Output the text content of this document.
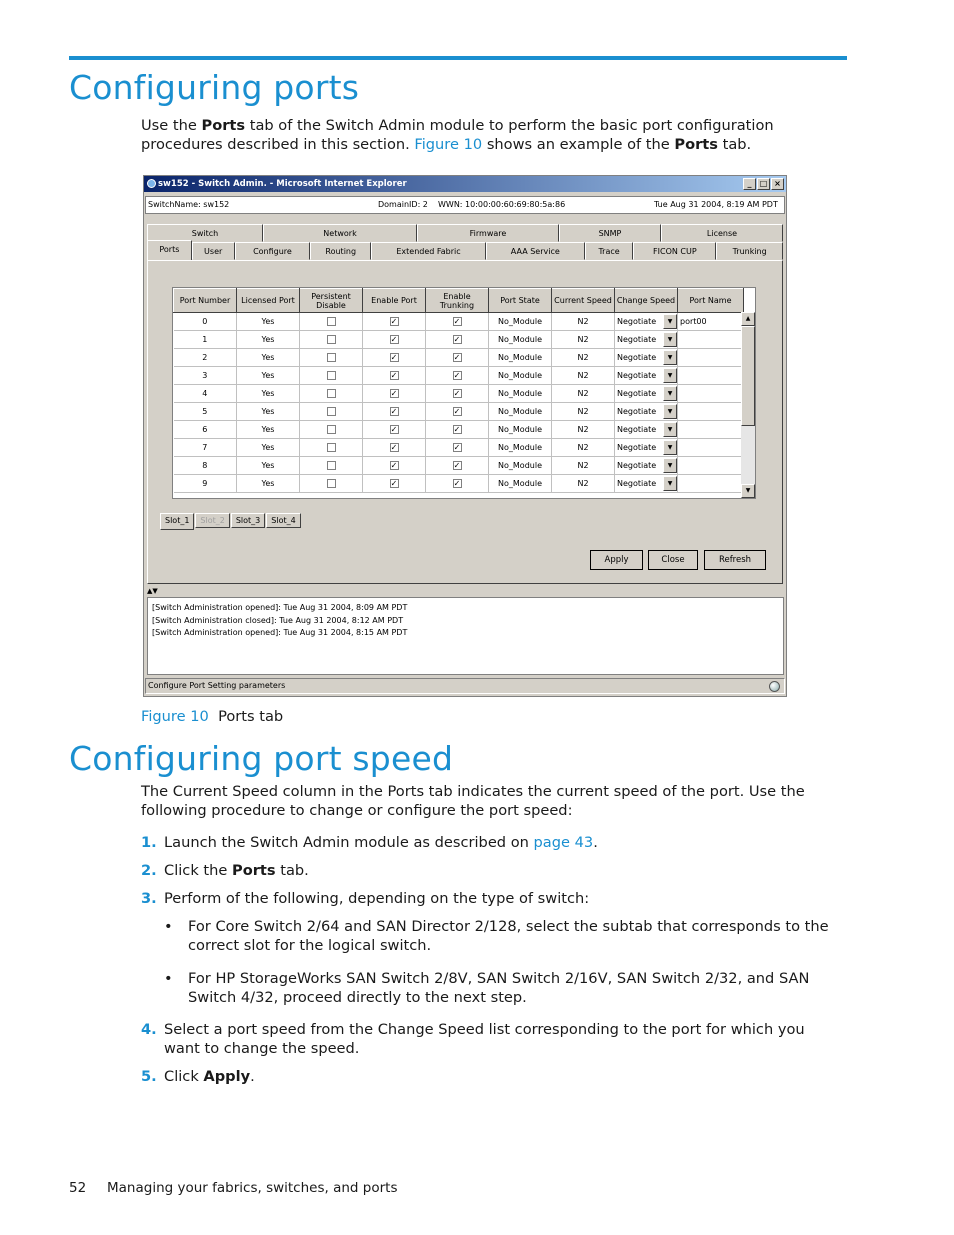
Configuring ports
Use the Ports tab of the Switch Admin module to perform the basic port configuration procedures described in this section. Figure 10 shows an example of the Ports tab.
sw152 - Switch Admin. - Microsoft Internet Explorer	_	□ ×
SwitchName: sw152	DomainID: 2 WWN: 10:00:00:60:69:80:5a:86	Tue Aug 31 2004, 8:19 AM PDT
Switch	Network	Firmware	SNMP	License
Ports	User	Configure	Routing	Extended Fabric	AAA Service	Trace	FICON CUP	Trunking
Port Number	Licensed Port	Persistent Disable	Enable Port	Enable Trunking	Port State	Current Speed	Change Speed	Port Name
0	Yes		✓	✓	No_Module	N2	Negotiate ▼	port00
1	Yes		✓	✓	No_Module	N2	Negotiate ▼	

2	Yes		✓	✓	No_Module	N2	Negotiate ▼	

3	Yes		✓	✓	No_Module	N2	Negotiate ▼	

4	Yes		✓	✓	No_Module	N2	Negotiate ▼	

5	Yes		✓	✓	No_Module	N2	Negotiate ▼	

6	Yes		✓	✓	No_Module	N2	Negotiate ▼	

7	Yes		✓	✓	No_Module	N2	Negotiate ▼	

8	Yes		✓	✓	No_Module	N2	Negotiate ▼	

9	Yes		✓	✓	No_Module	N2	Negotiate ▼	

▲
▼
Slot_1	Slot_2	Slot_3	Slot_4
Apply	Close	Refresh
▲▼
[Switch Administration opened]: Tue Aug 31 2004, 8:09 AM PDT
[Switch Administration closed]: Tue Aug 31 2004, 8:12 AM PDT
[Switch Administration opened]: Tue Aug 31 2004, 8:15 AM PDT
Configure Port Setting parameters
Figure 10 Ports tab
Configuring port speed
The Current Speed column in the Ports tab indicates the current speed of the port. Use the following procedure to change or configure the port speed:
1. Launch the Switch Admin module as described on page 43.
2. Click the Ports tab.
3. Perform of the following, depending on the type of switch:
• For Core Switch 2/64 and SAN Director 2/128, select the subtab that corresponds to the correct slot for the logical switch.
• For HP StorageWorks SAN Switch 2/8V, SAN Switch 2/16V, SAN Switch 2/32, and SAN Switch 4/32, proceed directly to the next step.
4. Select a port speed from the Change Speed list corresponding to the port for which you want to change the speed.
5. Click Apply.
52 Managing your fabrics, switches, and ports
